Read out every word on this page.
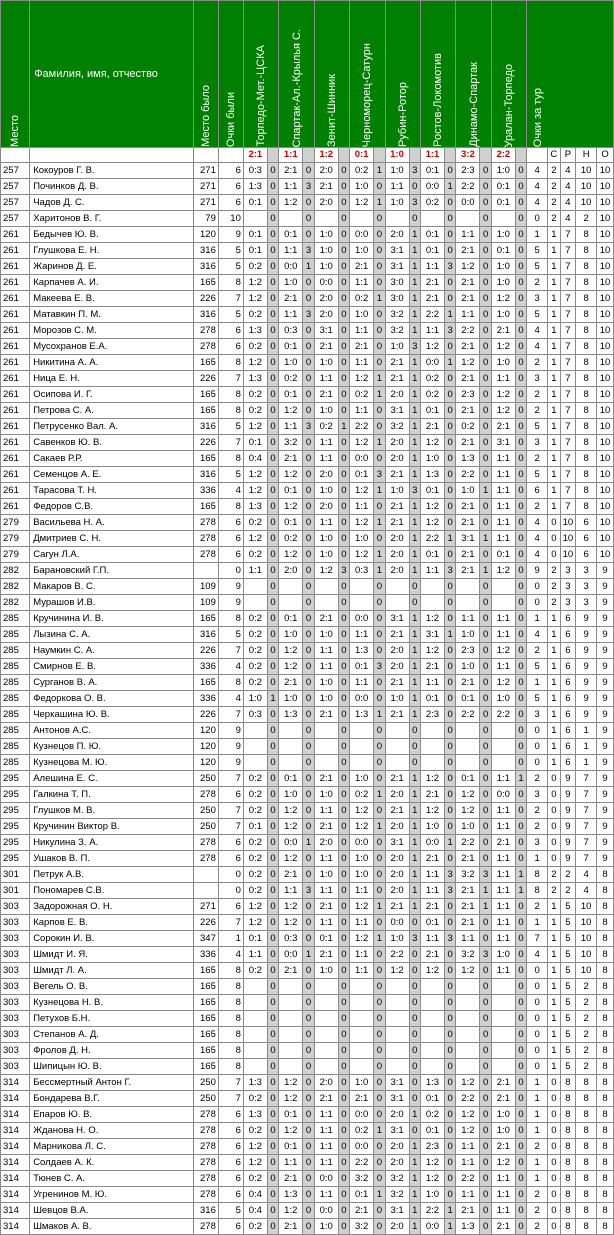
Место	Фамилия, имя, отчество	Место было	Очки были	Торпедо-Мет.-ЦСКА		Спартак-Ал.-Крылья С.		Зенит-Шинник		Черноморец-Сатурн		Рубин-Ротор		Ростов-Локомотив		Динамо-Спартак		Уралан-Торпедо		Очки за тур				

				2:1		1:1		1:2		0:1		1:0		1:1		3:2		2:2			С	Р	Н	О
257	Кокоуров Г. В.	271	6	0:3	0	2:1	0	2:0	0	0:2	1	1:0	3	0:1	0	2:3	0	1:0	0	4	2	4	10	10
257	Починков Д. В.	271	6	1:3	0	1:1	3	2:1	0	1:0	0	1:1	0	0:0	1	2:2	0	0:1	0	4	2	4	10	10
257	Чадов Д. С.	271	6	0:1	0	1:2	0	2:0	0	1:2	1	1:0	3	0:2	0	0:0	0	0:1	0	4	2	4	10	10
257	Харитонов В. Г.	79	10		0		0		0		0		0		0		0		0	0	2	4	2	10
261	Бедычев Ю. В.	120	9	0:1	0	0:1	0	1:0	0	0:0	0	2:0	1	0:1	0	1:1	0	1:0	0	1	1	7	8	10
261	Глушкова Е. Н.	316	5	0:1	0	1:1	3	1:0	0	1:0	0	3:1	1	0:1	0	2:1	0	0:1	0	5	1	7	8	10
261	Жаринов Д. Е.	316	5	0:2	0	0:0	1	1:0	0	2:1	0	3:1	1	1:1	3	1:2	0	1:0	0	5	1	7	8	10
261	Карпачев А. И.	165	8	1:2	0	1:0	0	0:0	0	1:1	0	3:0	1	2:1	0	2:1	0	1:0	0	2	1	7	8	10
261	Макеева Е. В.	226	7	1:2	0	2:1	0	2:0	0	0:2	1	3:0	1	2:1	0	2:1	0	1:2	0	3	1	7	8	10
261	Матавкин П. М.	316	5	0:2	0	1:1	3	2:0	0	1:0	0	3:2	1	2:2	1	1:1	0	1:0	0	5	1	7	8	10
261	Морозов С. М.	278	6	1:3	0	0:3	0	3:1	0	1:1	0	3:2	1	1:1	3	2:2	0	2:1	0	4	1	7	8	10
261	Мусохранов Е.А.	278	6	0:2	0	0:1	0	2:1	0	2:1	0	1:0	3	1:2	0	2:1	0	1:2	0	4	1	7	8	10
261	Никитина А. А.	165	8	1:2	0	1:0	0	1:0	0	1:1	0	2:1	1	0:0	1	1:2	0	1:0	0	2	1	7	8	10
261	Ница Е. Н.	226	7	1:3	0	0:2	0	1:1	0	1:2	1	2:1	1	0:2	0	2:1	0	1:1	0	3	1	7	8	10
261	Осипова И. Г.	165	8	0:2	0	0:1	0	2:1	0	0:2	1	2:0	1	0:2	0	2:3	0	1:2	0	2	1	7	8	10
261	Петрова С. А.	165	8	0:2	0	1:2	0	1:0	0	1:1	0	3:1	1	0:1	0	2:1	0	1:2	0	2	1	7	8	10
261	Петрусенко Вал. А.	316	5	1:2	0	1:1	3	0:2	1	2:2	0	3:2	1	2:1	0	0:2	0	2:1	0	5	1	7	8	10
261	Савенков Ю. В.	226	7	0:1	0	3:2	0	1:1	0	1:2	1	2:0	1	1:2	0	2:1	0	3:1	0	3	1	7	8	10
261	Сакаев Р.Р.	165	8	0:4	0	2:1	0	1:1	0	0:0	0	2:0	1	1:0	0	1:3	0	1:1	0	2	1	7	8	10
261	Семенцов А. Е.	316	5	1:2	0	1:2	0	2:0	0	0:1	3	2:1	1	1:3	0	2:2	0	1:1	0	5	1	7	8	10
261	Тарасова Т. Н.	336	4	1:2	0	0:1	0	1:0	0	1:2	1	1:0	3	0:1	0	1:0	1	1:1	0	6	1	7	8	10
261	Федоров С.В.	165	8	1:3	0	1:2	0	2:0	0	1:1	0	2:1	1	1:2	0	2:1	0	1:1	0	2	1	7	8	10
279	Васильева Н. А.	278	6	0:2	0	0:1	0	1:1	0	1:2	1	2:1	1	1:2	0	2:1	0	1:1	0	4	0	10	6	10
279	Дмитриев С. Н.	278	6	1:2	0	0:2	0	1:0	0	1:0	0	2:0	1	2:2	1	3:1	1	1:1	0	4	0	10	6	10
279	Сагун Л.А.	278	6	0:2	0	1:2	0	1:0	0	1:2	1	2:0	1	0:1	0	2:1	0	0:1	0	4	0	10	6	10
282	Барановский Г.П.		0	1:1	0	2:0	0	1:2	3	0:3	1	2:0	1	1:1	3	2:1	1	1:2	0	9	2	3	3	9
282	Макаров В. С.	109	9		0		0		0		0		0		0		0		0	0	2	3	3	9
282	Мурашов И.В.	109	9		0		0		0		0		0		0		0		0	0	2	3	3	9
285	Кручинина И. В.	165	8	0:2	0	0:1	0	2:1	0	0:0	0	3:1	1	1:2	0	1:1	0	1:1	0	1	1	6	9	9
285	Лызина С. А.	316	5	0:2	0	1:0	0	1:0	0	1:1	0	2:1	1	3:1	1	1:0	0	1:1	0	4	1	6	9	9
285	Наумкин С. А.	226	7	0:2	0	1:2	0	1:1	0	1:3	0	2:0	1	1:2	0	2:3	0	1:2	0	2	1	6	9	9
285	Смирнов Е. В.	336	4	0:2	0	1:2	0	1:1	0	0:1	3	2:0	1	2:1	0	1:0	0	1:1	0	5	1	6	9	9
285	Сурганов В. А.	165	8	0:2	0	2:1	0	1:0	0	1:1	0	2:1	1	1:1	0	2:1	0	1:2	0	1	1	6	9	9
285	Федоркова О. В.	336	4	1:0	1	1:0	0	1:0	0	0:0	0	1:0	1	0:1	0	0:1	0	1:0	0	5	1	6	9	9
285	Черкашина Ю. В.	226	7	0:3	0	1:3	0	2:1	0	1:3	1	2:1	1	2:3	0	2:2	0	2:2	0	3	1	6	9	9
285	Антонов А.С.	120	9		0		0		0		0		0		0		0		0	0	1	6	1	9
285	Кузнецов П. Ю.	120	9		0		0		0		0		0		0		0		0	0	1	6	1	9
285	Кузнецова М. Ю.	120	9		0		0		0		0		0		0		0		0	0	1	6	1	9
295	Алешина Е. С.	250	7	0:2	0	0:1	0	2:1	0	1:0	0	2:1	1	1:2	0	0:1	0	1:1	1	2	0	9	7	9
295	Галкина Т. П.	278	6	0:2	0	1:0	0	1:0	0	0:2	1	2:0	1	2:1	0	1:2	0	0:0	0	3	0	9	7	9
295	Глушков М. В.	250	7	0:2	0	1:2	0	1:1	0	1:2	0	2:1	1	1:2	0	1:2	0	1:1	0	2	0	9	7	9
295	Кручинин Виктор В.	250	7	0:1	0	1:2	0	2:1	0	1:2	1	2:0	1	1:0	0	1:0	0	1:1	0	2	0	9	7	9
295	Никулина З. А.	278	6	0:2	0	0:0	1	2:0	0	0:0	0	3:1	1	0:0	1	2:2	0	2:1	0	3	0	9	7	9
295	Ушаков В. П.	278	6	0:2	0	1:2	0	1:1	0	1:0	0	2:0	1	2:1	0	2:1	0	1:1	0	1	0	9	7	9
301	Петрук А.В.		0	0:2	0	2:1	0	1:0	0	1:0	0	2:0	1	1:1	3	3:2	3	1:1	1	8	2	2	4	8
301	Пономарев С.В.		0	0:2	0	1:1	3	1:1	0	1:1	0	2:0	1	1:1	3	2:1	1	1:1	1	8	2	2	4	8
303	Задорожная О. Н.	271	6	1:2	0	1:2	0	2:1	0	1:2	1	2:1	1	2:1	0	2:1	1	1:1	0	2	1	5	10	8
303	Карпов Е. В.	226	7	1:2	0	1:2	0	1:1	0	1:1	0	0:0	0	0:1	0	2:1	0	1:1	0	1	1	5	10	8
303	Сорокин И. В.	347	1	0:1	0	0:3	0	0:1	0	1:2	1	1:0	3	1:1	3	1:1	0	1:1	0	7	1	5	10	8
303	Шмидт И. Я.	336	4	1:1	0	0:0	1	2:1	0	1:1	0	2:2	0	2:1	0	3:2	3	1:0	0	4	1	5	10	8
303	Шмидт Л. А.	165	8	0:2	0	2:1	0	1:0	0	1:1	0	1:2	0	1:2	0	1:2	0	1:1	0	0	1	5	10	8
303	Вегель О. В.	165	8		0		0		0		0		0		0		0		0	0	1	5	2	8
303	Кузнецова Н. В.	165	8		0		0		0		0		0		0		0		0	0	1	5	2	8
303	Петухов Б.Н.	165	8		0		0		0		0		0		0		0		0	0	1	5	2	8
303	Степанов А. Д.	165	8		0		0		0		0		0		0		0		0	0	1	5	2	8
303	Фролов Д. Н.	165	8		0		0		0		0		0		0		0		0	0	1	5	2	8
303	Шипицын Ю. В.	165	8		0		0		0		0		0		0		0		0	0	1	5	2	8
314	Бессмертный Антон Г.	250	7	1:3	0	1:2	0	2:0	0	1:0	0	3:1	0	1:3	0	1:2	0	2:1	0	1	0	8	8	8
314	Бондарева В.Г.	250	7	0:2	0	1:2	0	2:1	0	2:1	0	3:1	0	0:1	0	2:2	0	2:1	0	1	0	8	8	8
314	Епаров Ю. В.	278	6	1:3	0	0:1	0	1:1	0	0:0	0	2:0	1	0:2	0	1:2	0	1:0	0	1	0	8	8	8
314	Жданова Н. О.	278	6	0:2	0	1:2	0	1:1	0	0:2	1	3:1	0	0:1	0	1:2	0	1:0	0	1	0	8	8	8
314	Марникова Л. С.	278	6	1:2	0	0:1	0	1:1	0	0:0	0	2:0	1	2:3	0	1:1	0	2:1	0	2	0	8	8	8
314	Солдаев А. К.	278	6	1:2	0	1:1	0	1:1	0	2:2	0	2:0	1	1:2	0	1:1	0	1:2	0	1	0	8	8	8
314	Тюнев С. А.	278	6	0:2	0	2:1	0	0:0	0	3:2	0	3:2	1	1:2	0	2:2	0	1:1	0	1	0	8	8	8
314	Угренинов М. Ю.	278	6	0:4	0	1:3	0	1:1	0	0:1	1	3:2	1	1:0	0	1:1	0	1:1	0	2	0	8	8	8
314	Шевцов В.А.	316	5	0:4	0	1:2	0	0:0	0	2:1	0	3:1	1	2:2	1	2:1	0	1:1	0	2	0	8	8	8
314	Шмаков А. В.	278	6	0:2	0	2:1	0	1:0	0	3:2	0	2:0	1	0:0	1	1:3	0	2:1	0	2	0	8	8	8
